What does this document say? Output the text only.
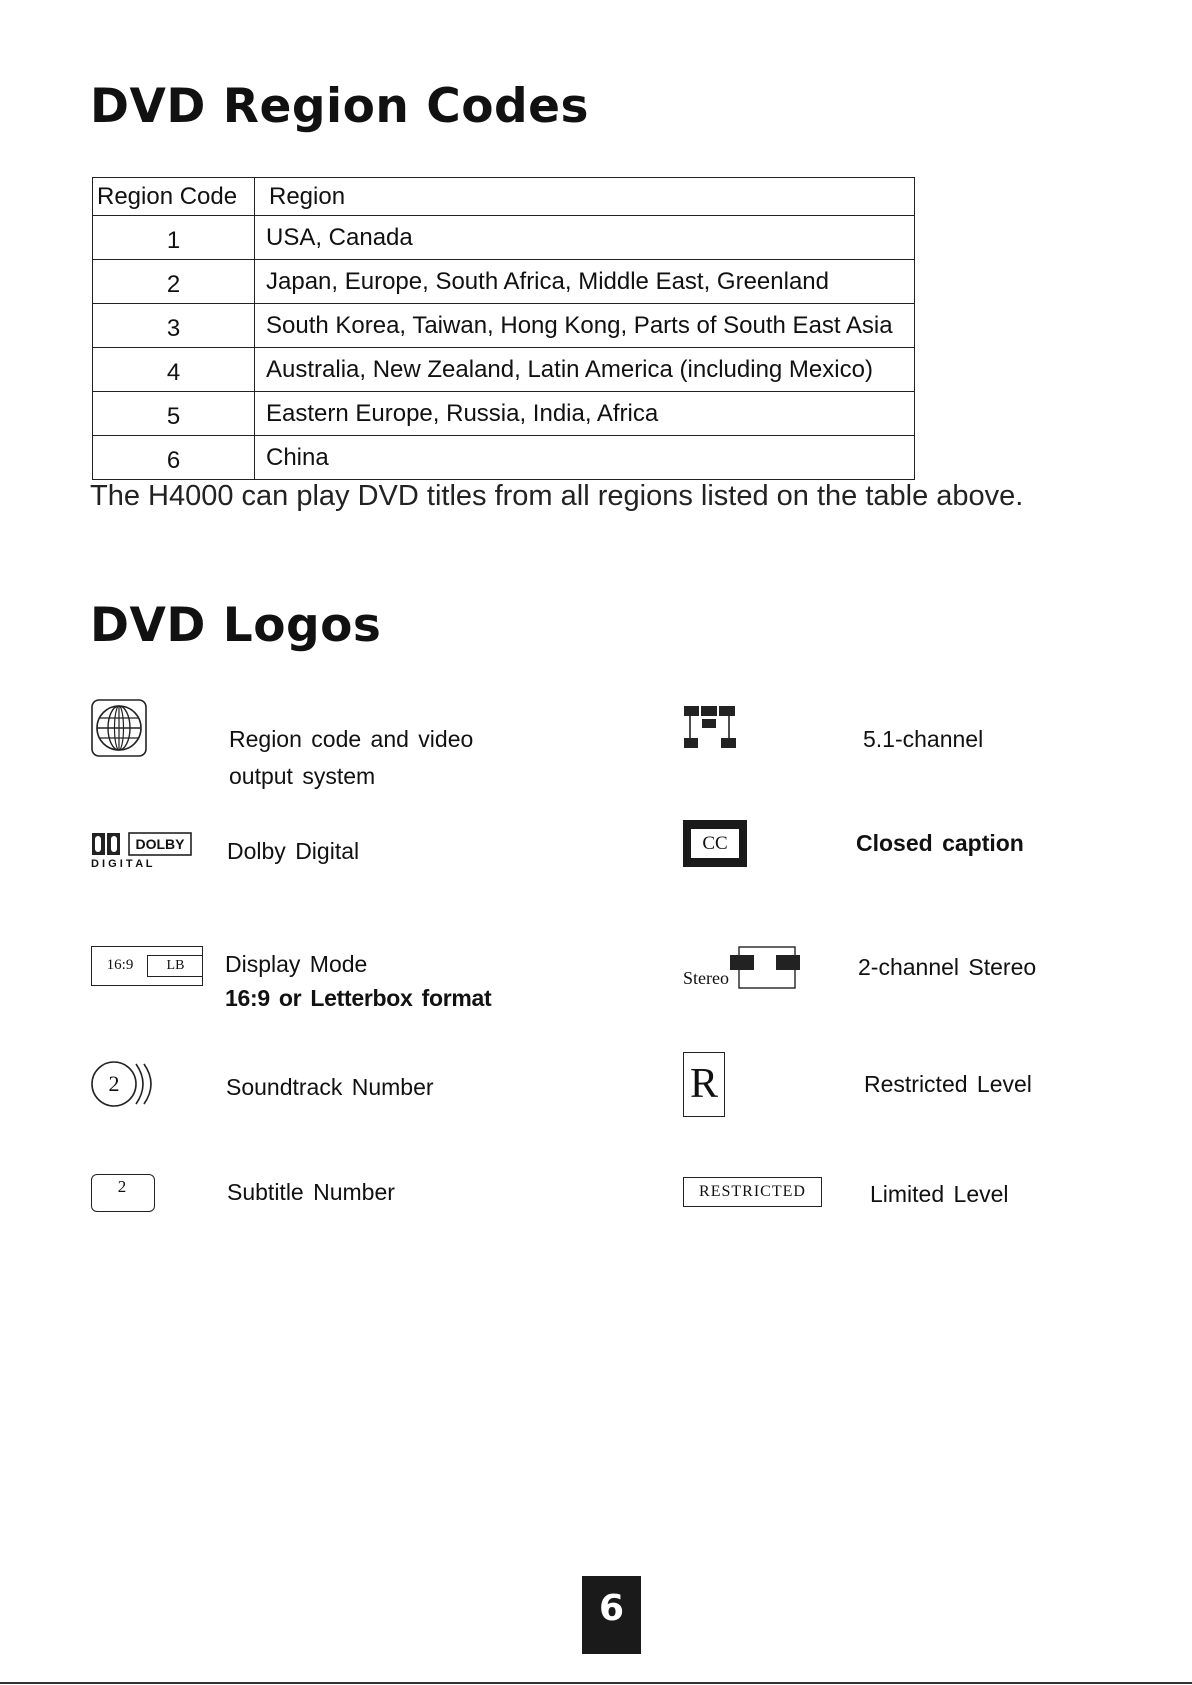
DVD Region Codes
Region Code	Region
1	USA, Canada
2	Japan, Europe, South Africa, Middle East, Greenland
3	South Korea, Taiwan, Hong Kong, Parts of South East Asia
4	Australia, New Zealand, Latin America (including Mexico)
5	Eastern Europe, Russia, India, Africa
6	China

The H4000 can play DVD titles from all regions listed on the table above.

DVD Logos
Region code and video
output system
DOLBY
D I G I T A L	Dolby Digital
16:9	LB	Display Mode
16:9 or Letterbox format
2	Soundtrack Number
2	Subtitle Number
5.1-channel
CC	Closed caption
Stereo	2-channel Stereo
R	Restricted Level
RESTRICTED	Limited Level
6
